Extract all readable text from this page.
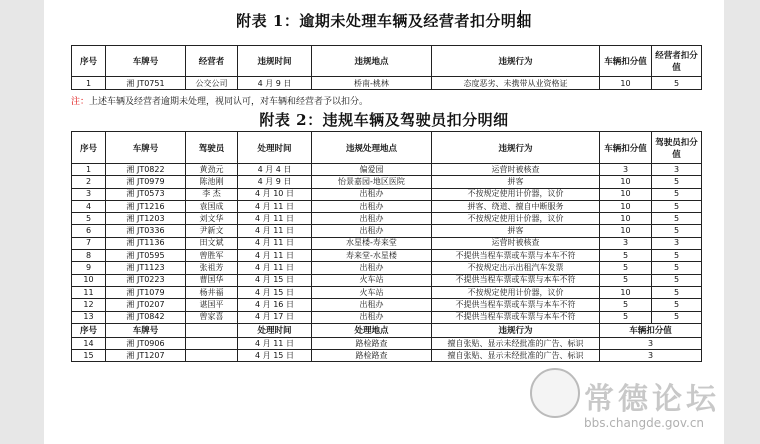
附表 1：逾期未处理车辆及经营者扣分明细
序号	车牌号	经营者	违规时间	违规地点	违规行为	车辆扣分值	经营者扣分值
1	湘 JT0751	公交公司	4 月 9 日	桥南-桃林	态度恶劣、未携带从业资格证	10	5
注：上述车辆及经营者逾期未处理，视同认可，对车辆和经营者予以扣分。
附表 2：违规车辆及驾驶员扣分明细
序号	车牌号	驾驶员	处理时间	违规处理地点	违规行为	车辆扣分值	驾驶员扣分值
1	湘 JT0822	黄劲元	4 月 4 日	偏爱园	运营时被核查	3	3
2	湘 JT0979	陈池刚	4 月 9 日	怡景嘉园-地区医院	拼客	10	5
3	湘 JT0573	李 杰	4 月 10 日	出租办	不按规定使用计价器，议价	10	5
4	湘 JT1216	袁国成	4 月 11 日	出租办	拼客、绕道、擅自中断服务	10	5
5	湘 JT1203	刘文华	4 月 11 日	出租办	不按规定使用计价器，议价	10	5
6	湘 JT0336	尹新文	4 月 11 日	出租办	拼客	10	5
7	湘 JT1136	田文斌	4 月 11 日	水星楼-寿来堂	运营时被核查	3	3
8	湘 JT0595	曾胜军	4 月 11 日	寿来堂-水星楼	不提供当程车票或车票与本车不符	5	5
9	湘 JT1123	张祖芳	4 月 11 日	出租办	不按规定出示出租汽车发票	5	5
10	湘 JT0223	曹国华	4 月 15 日	火车站	不提供当程车票或车票与本车不符	5	5
11	湘 JT1079	杨井福	4 月 15 日	火车站	不按规定使用计价器，议价	10	5
12	湘 JT0207	谌国平	4 月 16 日	出租办	不提供当程车票或车票与本车不符	5	5
13	湘 JT0842	曾家喜	4 月 17 日	出租办	不提供当程车票或车票与本车不符	5	5
序号	车牌号		处理时间	处理地点	违规行为	车辆扣分值	
14	湘 JT0906		4 月 11 日	路检路查	擅自张贴、显示未经批准的广告、标识	3	
15	湘 JT1207		4 月 15 日	路检路查	擅自张贴、显示未经批准的广告、标识	3	
常德论坛
bbs.changde.gov.cn
